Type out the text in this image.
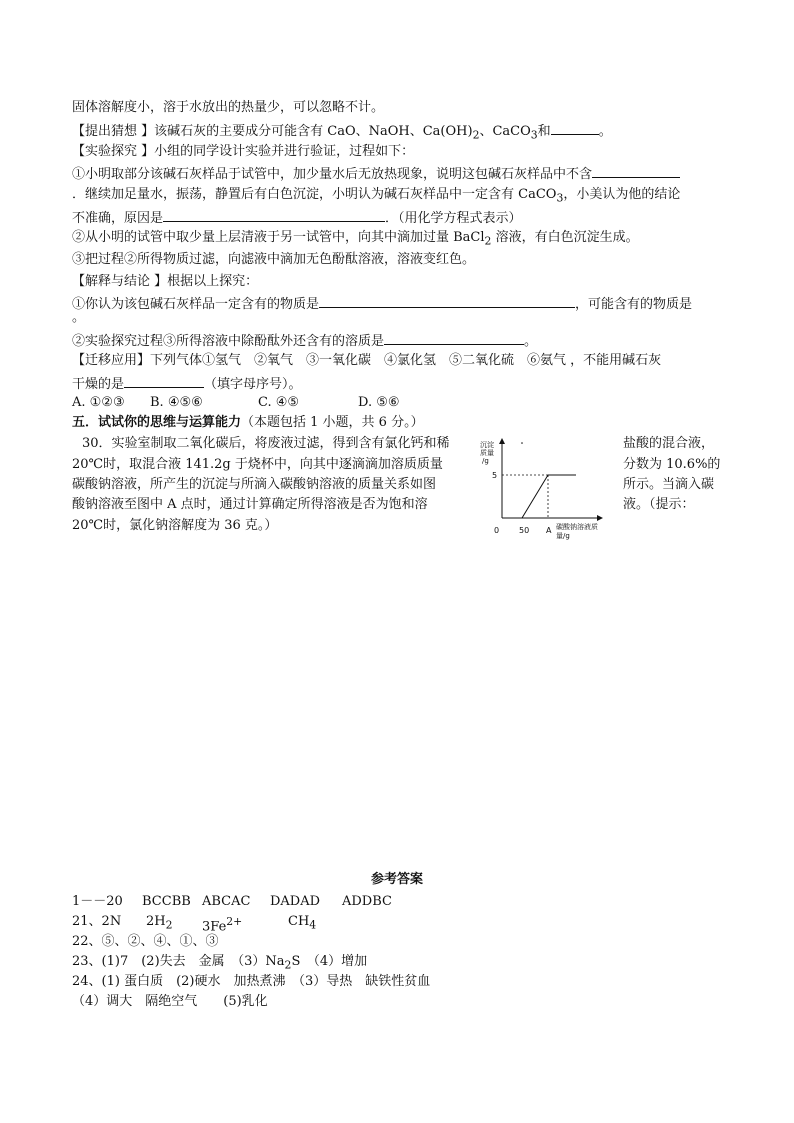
固体溶解度小，溶于水放出的热量少，可以忽略不计。
【提出猜想 】该碱石灰的主要成分可能含有 CaO、NaOH、$Ca(OH)_2$、CaCO$_3$和	。
【实验探究 】小组的同学设计实验并进行验证，过程如下：
①小明取部分该碱石灰样品于试管中，加少量水后无放热现象，说明这包碱石灰样品中不含
．继续加足量水，振荡，静置后有白色沉淀，小明认为碱石灰样品中一定含有 CaCO$_3$，小美认为他的结论
不准确，原因是	．（用化学方程式表示）
②从小明的试管中取少量上层清液于另一试管中，向其中滴加过量 BaCl$_2$ 溶液，有白色沉淀生成。
③把过程②所得物质过滤，向滤液中滴加无色酚酞溶液，溶液变红色。
【解释与结论 】根据以上探究：
①你认为该包碱石灰样品一定含有的物质是	，可能含有的物质是
。
②实验探究过程③所得溶液中除酚酞外还含有的溶质是	。
【迁移应用】下列气体①氢气　②氧气　③一氧化碳　④氯化氢　⑤二氧化硫　⑥氨气 ，不能用碱石灰
干燥的是	（填字母序号）。
A. ①②③ B. ④⑤⑥	C. ④⑤	D. ⑤⑥
五．试试你的思维与运算能力（本题包括 1 小题，共 6 分。）
30．实验室制取二氧化碳后，将废液过滤，得到含有氯化钙和稀
20℃时，取混合液 141.2g 于烧杯中，向其中逐滴滴加溶质质量
碳酸钠溶液，所产生的沉淀与所滴入碳酸钠溶液的质量关系如图
酸钠溶液至图中 A 点时，通过计算确定所得溶液是否为饱和溶
20℃时，氯化钠溶解度为 36 克。）
盐酸的混合液，
分数为 10.6%的
所示。当滴入碳
液。（提示：
沉淀
质量
/g
碳酸钠溶液质
量/g
0 50 A
5
参考答案
1－－20 BCCBB ABCAC DADAD ADDBC
21、2N $2H_2$ $3Fe^{2+}$	$CH_4$
22、⑤、②、④、①、③
23、(1)7　(2)失去　金属　$(3)Na_2S$　（4）增加
24、(1) 蛋白质　(2)硬水　加热煮沸　（3）导热　缺铁性贫血
（4）调大　隔绝空气　　(5)乳化
